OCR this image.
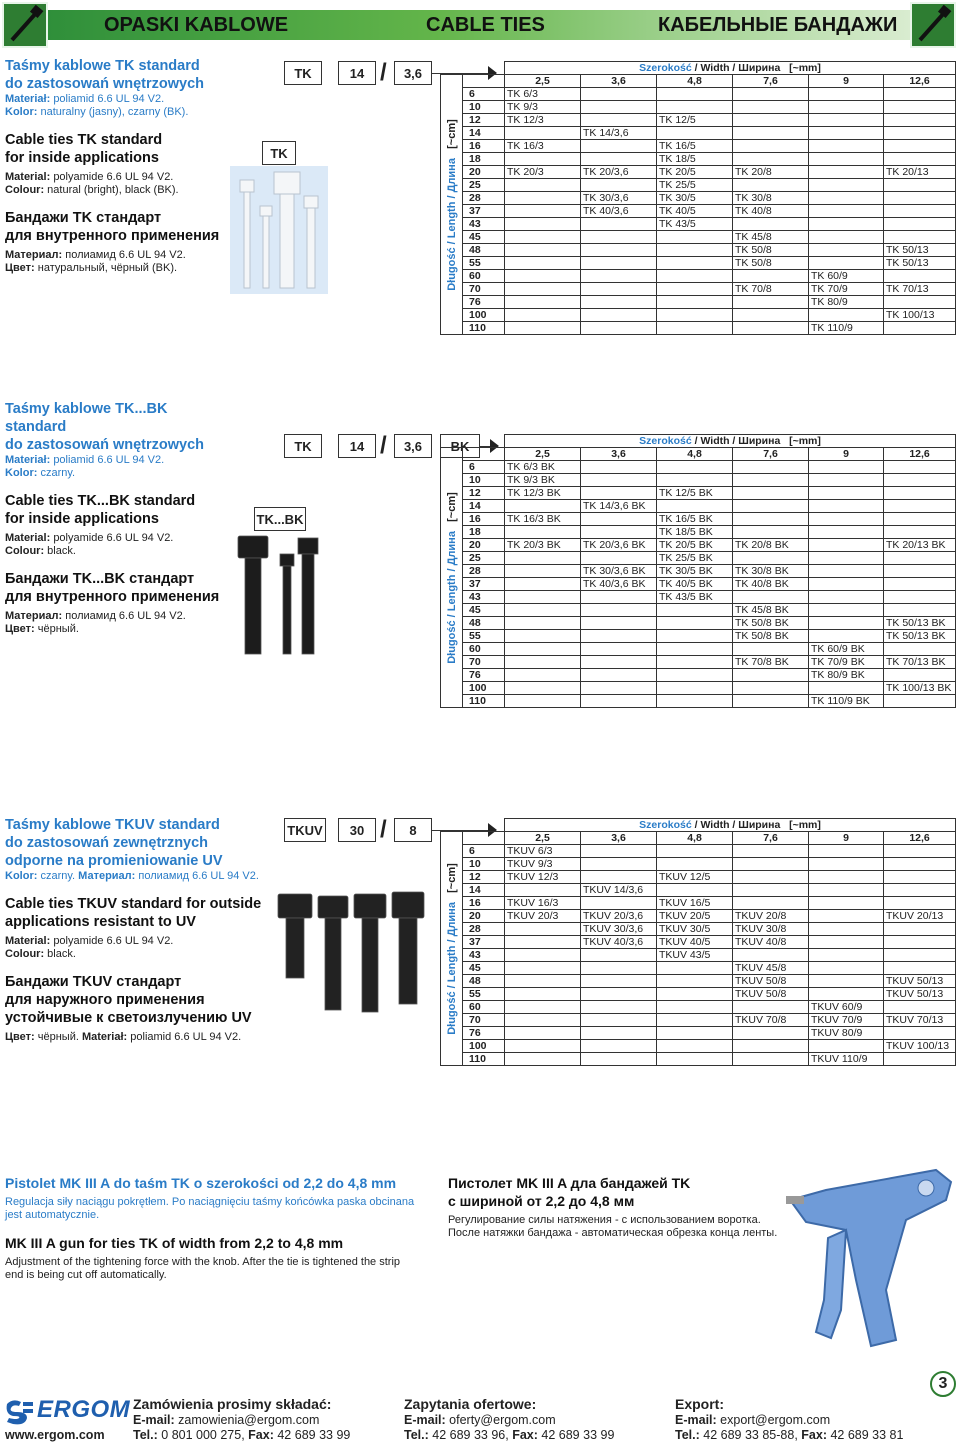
OPASKI KABLOWE	CABLE TIES	КАБЕЛЬНЫЕ БАНДАЖИ
Taśmy kablowe TK standard
do zastosowań wnętrzowych
Materiał: poliamid 6.6 UL 94 V2.
Kolor: naturalny (jasny), czarny (BK).
Cable ties TK standard
for inside applications
Material: polyamide 6.6 UL 94 V2.
Colour: natural (bright), black (BK).
Бандажи TK стандарт
для внутренного применения
Материал: полиамид 6.6 UL 94 V2.
Цвет: натуральный, чёрный (BK).
TK
TK	14 /	3,6
		Szerokość / Width / Ширина [~mm]					

Długość / Length / Длина   [~cm]		2,5	3,6	4,8	7,6	9	12,6
	6	TK 6/3					
	10	TK 9/3					
	12	TK 12/3		TK 12/5			
	14		TK 14/3,6				
	16	TK 16/3		TK 16/5			
	18			TK 18/5			
	20	TK 20/3	TK 20/3,6	TK 20/5	TK 20/8		TK 20/13
	25			TK 25/5			
	28		TK 30/3,6	TK 30/5	TK 30/8		
	37		TK 40/3,6	TK 40/5	TK 40/8		
	43			TK 43/5			
	45				TK 45/8		
	48				TK 50/8		TK 50/13
	55				TK 50/8		TK 50/13
	60					TK 60/9	
	70				TK 70/8	TK 70/9	TK 70/13
	76					TK 80/9	
	100						TK 100/13
	110					TK 110/9	
Taśmy kablowe TK...BK
standard
do zastosowań wnętrzowych
Materiał: poliamid 6.6 UL 94 V2.
Kolor: czarny.
Cable ties TK...BK standard
for inside applications
Material: polyamide 6.6 UL 94 V2.
Colour: black.
Бандажи TK...BK стандарт
для внутренного применения
Материал: полиамид 6.6 UL 94 V2.
Цвет: чёрный.
TK...BK
TK	14 /	3,6	BK
		Szerokość / Width / Ширина [~mm]					

Długość / Length / Длина   [~cm]		2,5	3,6	4,8	7,6	9	12,6
	6	TK 6/3 BK					
	10	TK 9/3 BK					
	12	TK 12/3 BK		TK 12/5 BK			
	14		TK 14/3,6 BK				
	16	TK 16/3 BK		TK 16/5 BK			
	18			TK 18/5 BK			
	20	TK 20/3 BK	TK 20/3,6 BK	TK 20/5 BK	TK 20/8 BK		TK 20/13 BK
	25			TK 25/5 BK			
	28		TK 30/3,6 BK	TK 30/5 BK	TK 30/8 BK		
	37		TK 40/3,6 BK	TK 40/5 BK	TK 40/8 BK		
	43			TK 43/5 BK			
	45				TK 45/8 BK		
	48				TK 50/8 BK		TK 50/13 BK
	55				TK 50/8 BK		TK 50/13 BK
	60					TK 60/9 BK	
	70				TK 70/8 BK	TK 70/9 BK	TK 70/13 BK
	76					TK 80/9 BK	
	100						TK 100/13 BK
	110					TK 110/9 BK	
Taśmy kablowe TKUV standard
do zastosowań zewnętrznych
odporne na promieniowanie UV
Kolor: czarny. Материал: полиамид 6.6 UL 94 V2.
Cable ties TKUV standard for outside
applications resistant to UV
Material: polyamide 6.6 UL 94 V2.
Colour: black.
Бандажи TKUV стандарт
для наружного применения
устойчивые к светоизлучению UV
Цвет: чёрный. Materiał: poliamid 6.6 UL 94 V2.
TKUV	30 /	8
		Szerokość / Width / Ширина [~mm]					

Długość / Length / Длина   [~cm]		2,5	3,6	4,8	7,6	9	12,6
	6	TKUV 6/3					
	10	TKUV 9/3					
	12	TKUV 12/3		TKUV 12/5			
	14		TKUV 14/3,6				
	16	TKUV 16/3		TKUV 16/5			
	20	TKUV 20/3	TKUV 20/3,6	TKUV 20/5	TKUV 20/8		TKUV 20/13
	28		TKUV 30/3,6	TKUV 30/5	TKUV 30/8		
	37		TKUV 40/3,6	TKUV 40/5	TKUV 40/8		
	43			TKUV 43/5			
	45				TKUV 45/8		
	48				TKUV 50/8		TKUV 50/13
	55				TKUV 50/8		TKUV 50/13
	60					TKUV 60/9	
	70				TKUV 70/8	TKUV 70/9	TKUV 70/13
	76					TKUV 80/9	
	100						TKUV 100/13
	110					TKUV 110/9	
Pistolet MK III A do taśm TK o szerokości od 2,2 do 4,8 mm
Regulacja siły naciągu pokrętłem. Po naciągnięciu taśmy końcówka paska obcinana jest automatycznie.
MK III A gun for ties TK of width from 2,2 to 4,8 mm
Adjustment of the tightening force with the knob. After the tie is tightened the strip end is being cut off automatically.
Пистолет MK III A дла бандажей TK
с шириной от 2,2 до 4,8 мм
Регулирование силы натяжения - с использованием воротка. После натяжки бандажа - автоматическая обрезка конца ленты.
ERGOM
www.ergom.com
Zamówienia prosimy składać:
E-mail: zamowienia@ergom.com
Tel.: 0 801 000 275, Fax: 42 689 33 99
Zapytania ofertowe:
E-mail: oferty@ergom.com
Tel.: 42 689 33 96, Fax: 42 689 33 99
Export:
E-mail: export@ergom.com
Tel.: 42 689 33 85-88, Fax: 42 689 33 81
3
